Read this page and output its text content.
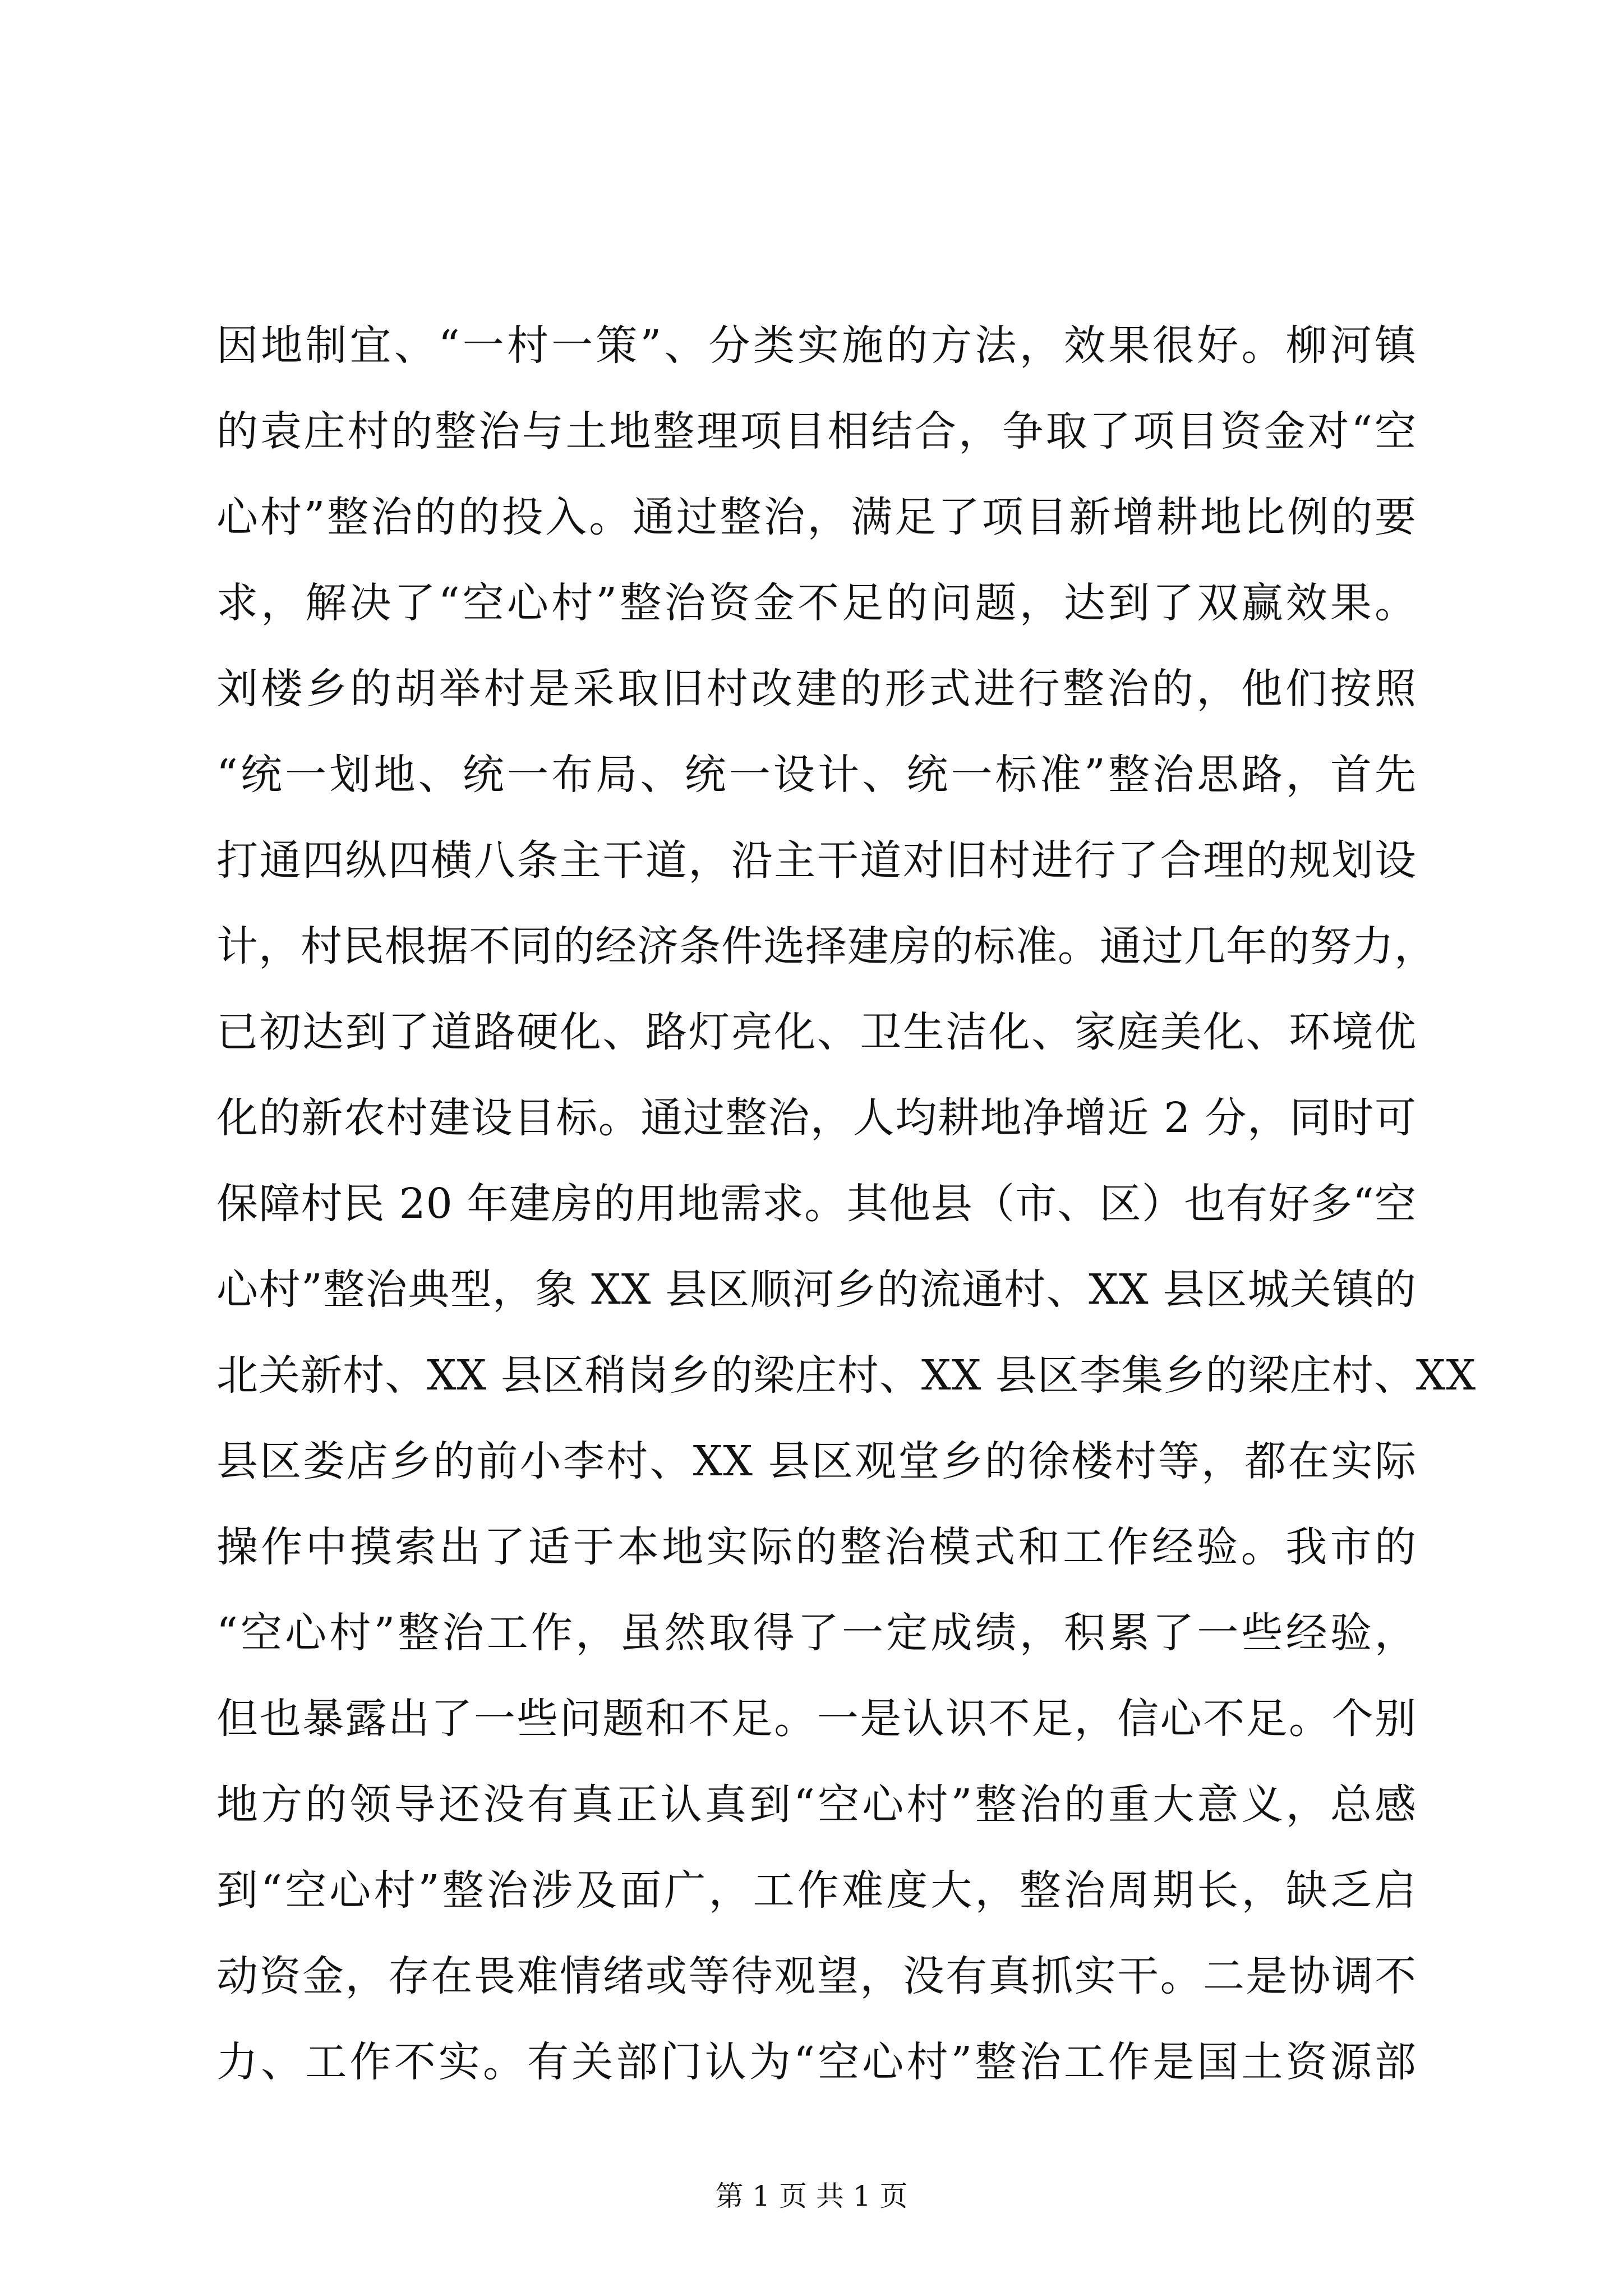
因地制宜、“一村一策”、分类实施的方法，效果很好。柳河镇
的袁庄村的整治与土地整理项目相结合，争取了项目资金对“空
心村”整治的的投入。通过整治，满足了项目新增耕地比例的要
求，解决了“空心村”整治资金不足的问题，达到了双赢效果。
刘楼乡的胡举村是采取旧村改建的形式进行整治的，他们按照
“统一划地、统一布局、统一设计、统一标准”整治思路，首先
打通四纵四横八条主干道，沿主干道对旧村进行了合理的规划设
计，村民根据不同的经济条件选择建房的标准。通过几年的努力，
已初达到了道路硬化、路灯亮化、卫生洁化、家庭美化、环境优
化的新农村建设目标。通过整治，人均耕地净增近 2 分，同时可
保障村民 20 年建房的用地需求。其他县（市、区）也有好多“空
心村”整治典型，象 XX 县区顺河乡的流通村、XX 县区城关镇的
北关新村、XX 县区稍岗乡的梁庄村、XX 县区李集乡的梁庄村、XX
县区娄店乡的前小李村、XX 县区观堂乡的徐楼村等，都在实际
操作中摸索出了适于本地实际的整治模式和工作经验。我市的
“空心村”整治工作，虽然取得了一定成绩，积累了一些经验，
但也暴露出了一些问题和不足。一是认识不足，信心不足。个别
地方的领导还没有真正认真到“空心村”整治的重大意义，总感
到“空心村”整治涉及面广，工作难度大，整治周期长，缺乏启
动资金，存在畏难情绪或等待观望，没有真抓实干。二是协调不
力、工作不实。有关部门认为“空心村”整治工作是国土资源部
第 1 页 共 1 页
